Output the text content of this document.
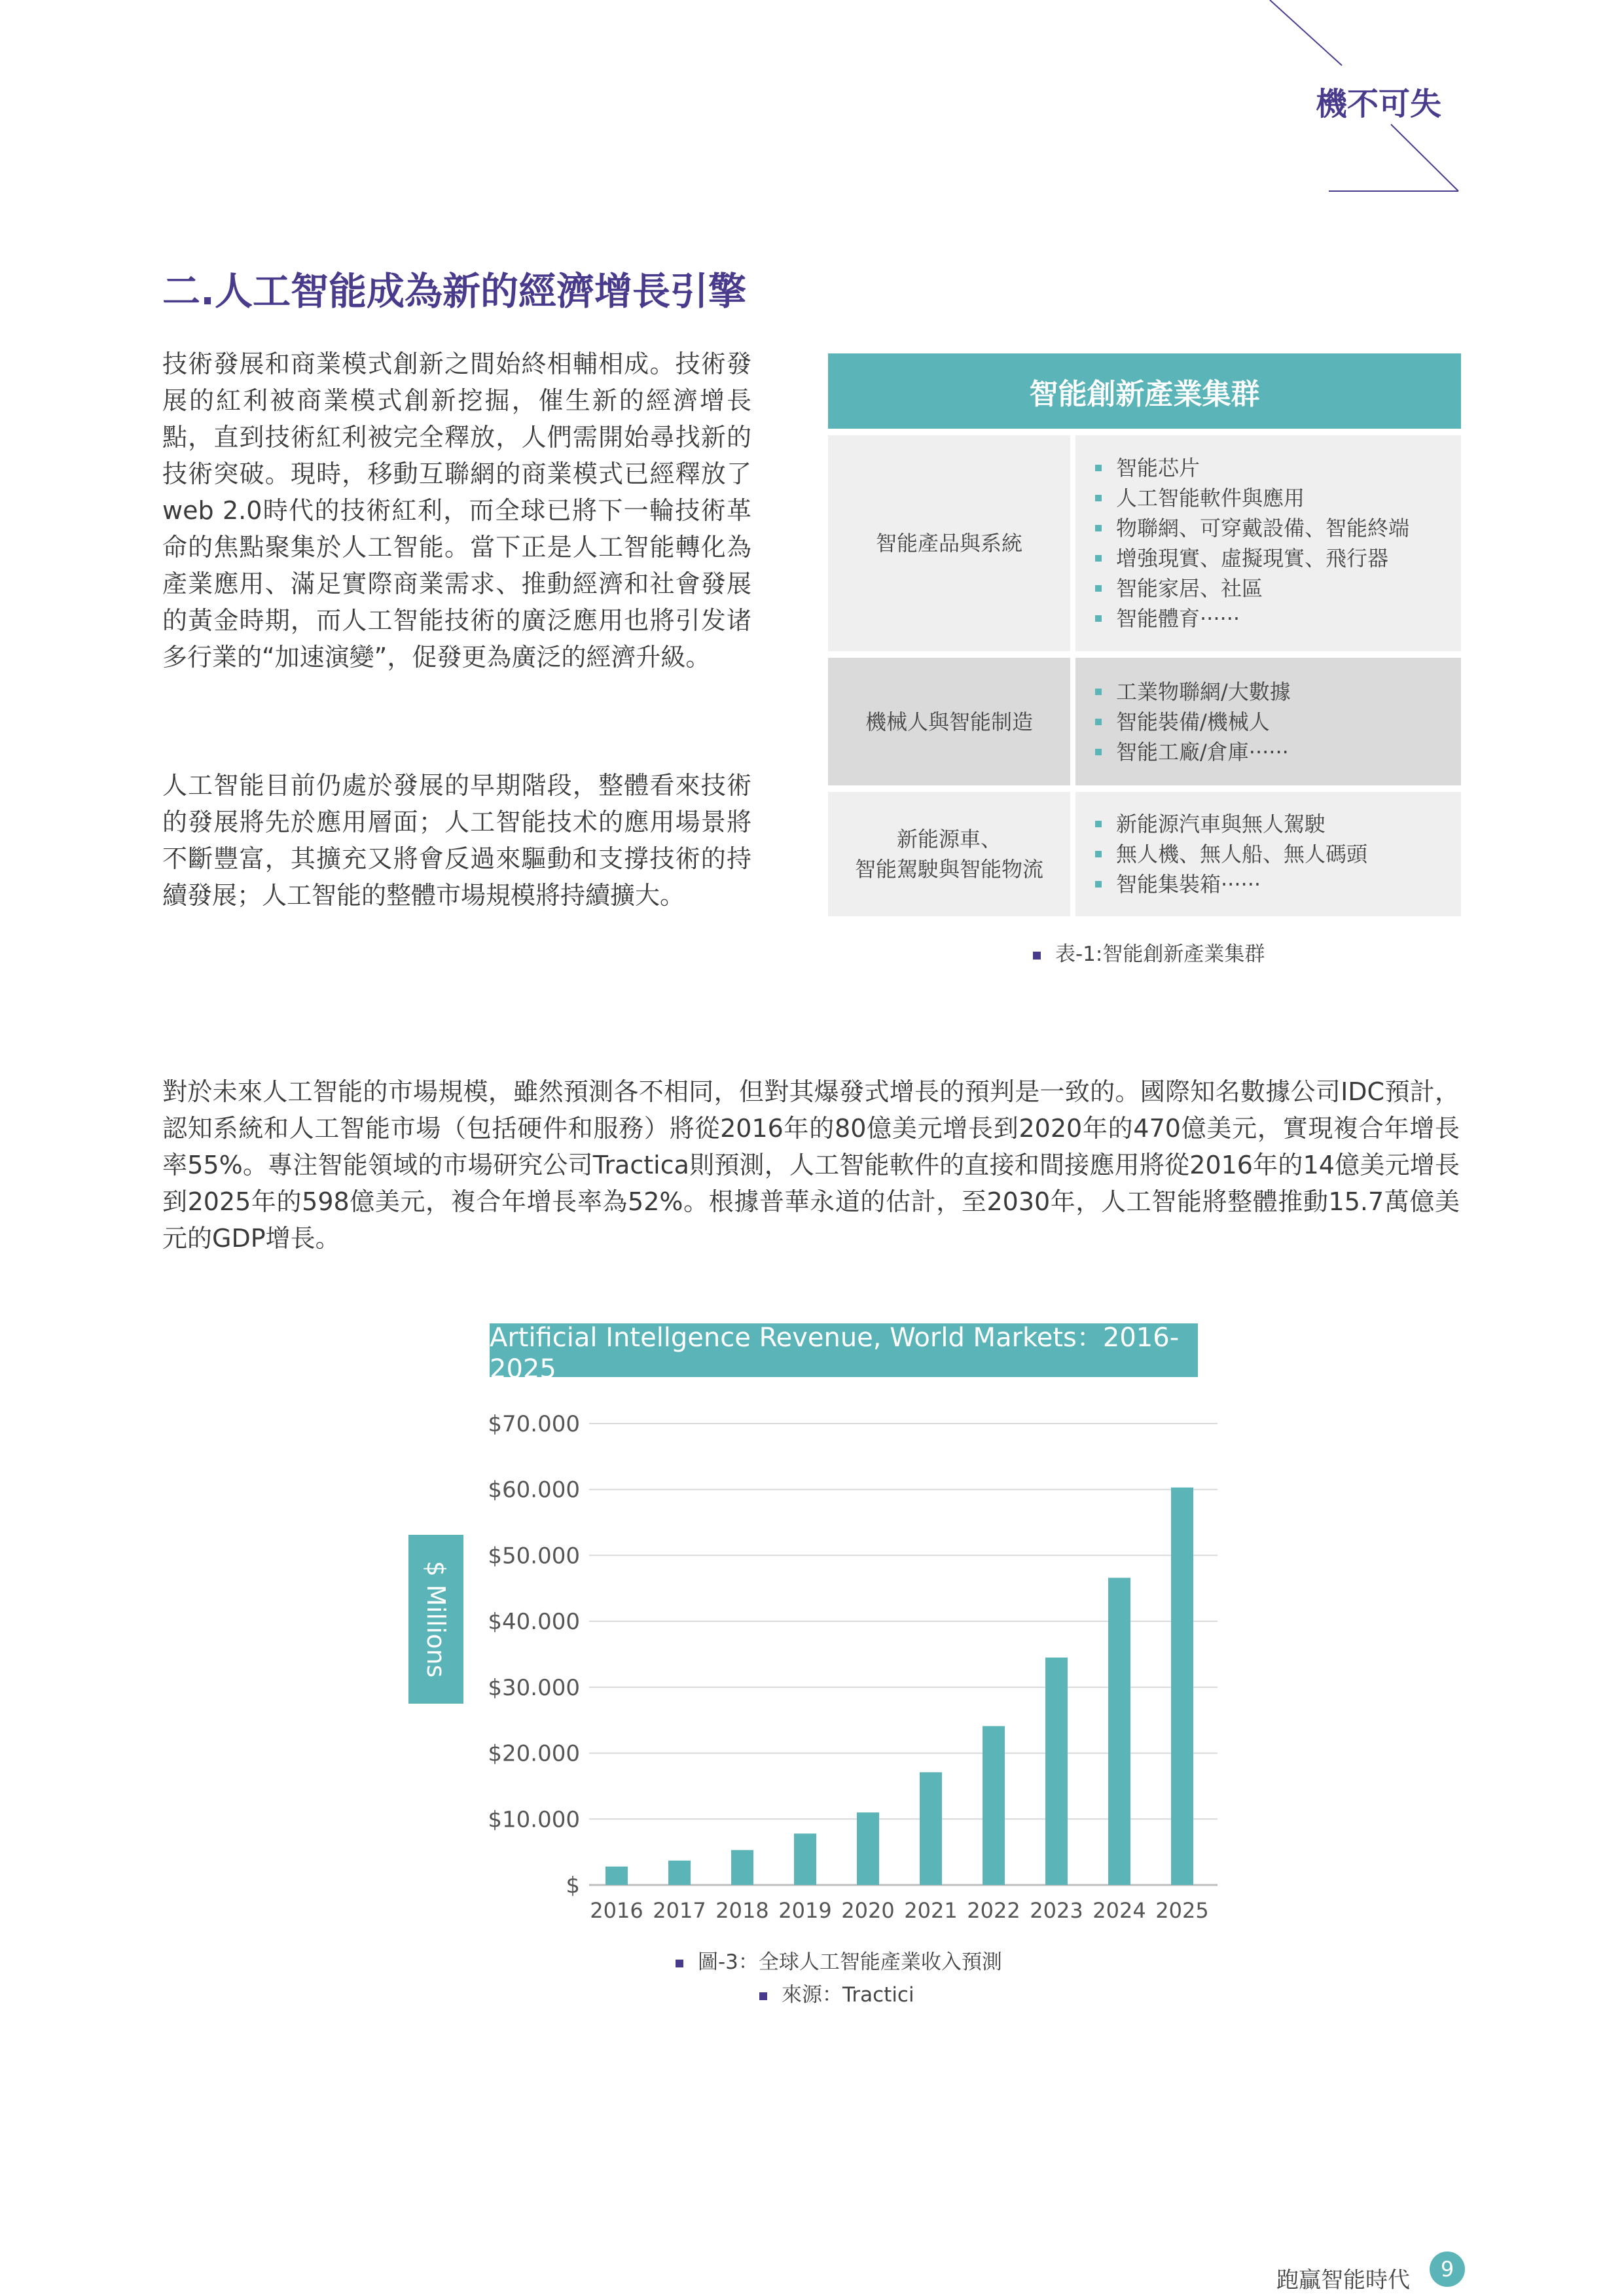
機不可失
二.人工智能成為新的經濟增長引擎
技術發展和商業模式創新之間始終相輔相成。技術發展的紅利被商業模式創新挖掘，催生新的經濟增長點，直到技術紅利被完全釋放，人們需開始尋找新的技術突破。現時，移動互聯網的商業模式已經釋放了web 2.0時代的技術紅利，而全球已將下一輪技術革命的焦點聚集於人工智能。當下正是人工智能轉化為產業應用、滿足實際商業需求、推動經濟和社會發展的黃金時期，而人工智能技術的廣泛應用也將引发诸多行業的“加速演變”，促發更為廣泛的經濟升級。
人工智能目前仍處於發展的早期階段，整體看來技術的發展將先於應用層面；人工智能技术的應用場景將不斷豐富，其擴充又將會反過來驅動和支撐技術的持續發展；人工智能的整體市場規模將持續擴大。
智能創新產業集群
智能產品與系統
智能芯片
人工智能軟件與應用
物聯網、可穿戴設備、智能終端
增強現實、虛擬現實、飛行器
智能家居、社區
智能體育······
機械人與智能制造
工業物聯網/大數據
智能裝備/機械人
智能工廠/倉庫······
新能源車、
智能駕駛與智能物流
新能源汽車與無人駕駛
無人機、無人船、無人碼頭
智能集裝箱······
表-1:智能創新產業集群
對於未來人工智能的市場規模，雖然預測各不相同，但對其爆發式增長的預判是一致的。國際知名數據公司IDC預計，認知系統和人工智能市場（包括硬件和服務）將從2016年的80億美元增長到2020年的470億美元，實現複合年增長率55%。專注智能領域的市場研究公司Tractica則預測，人工智能軟件的直接和間接應用將從2016年的14億美元增長到2025年的598億美元，複合年增長率為52%。根據普華永道的估計，至2030年，人工智能將整體推動15.7萬億美元的GDP增長。
Artificial Intellgence Revenue, World Markets：2016-2025
$ Millions
$
$10.000
$20.000
$30.000
$40.000
$50.000
$60.000
$70.000
2016 2017 2018 2019 2020 2021 2022 2023 2024 2025
圖-3：全球人工智能產業收入預測
來源：Tractici
跑贏智能時代	9
